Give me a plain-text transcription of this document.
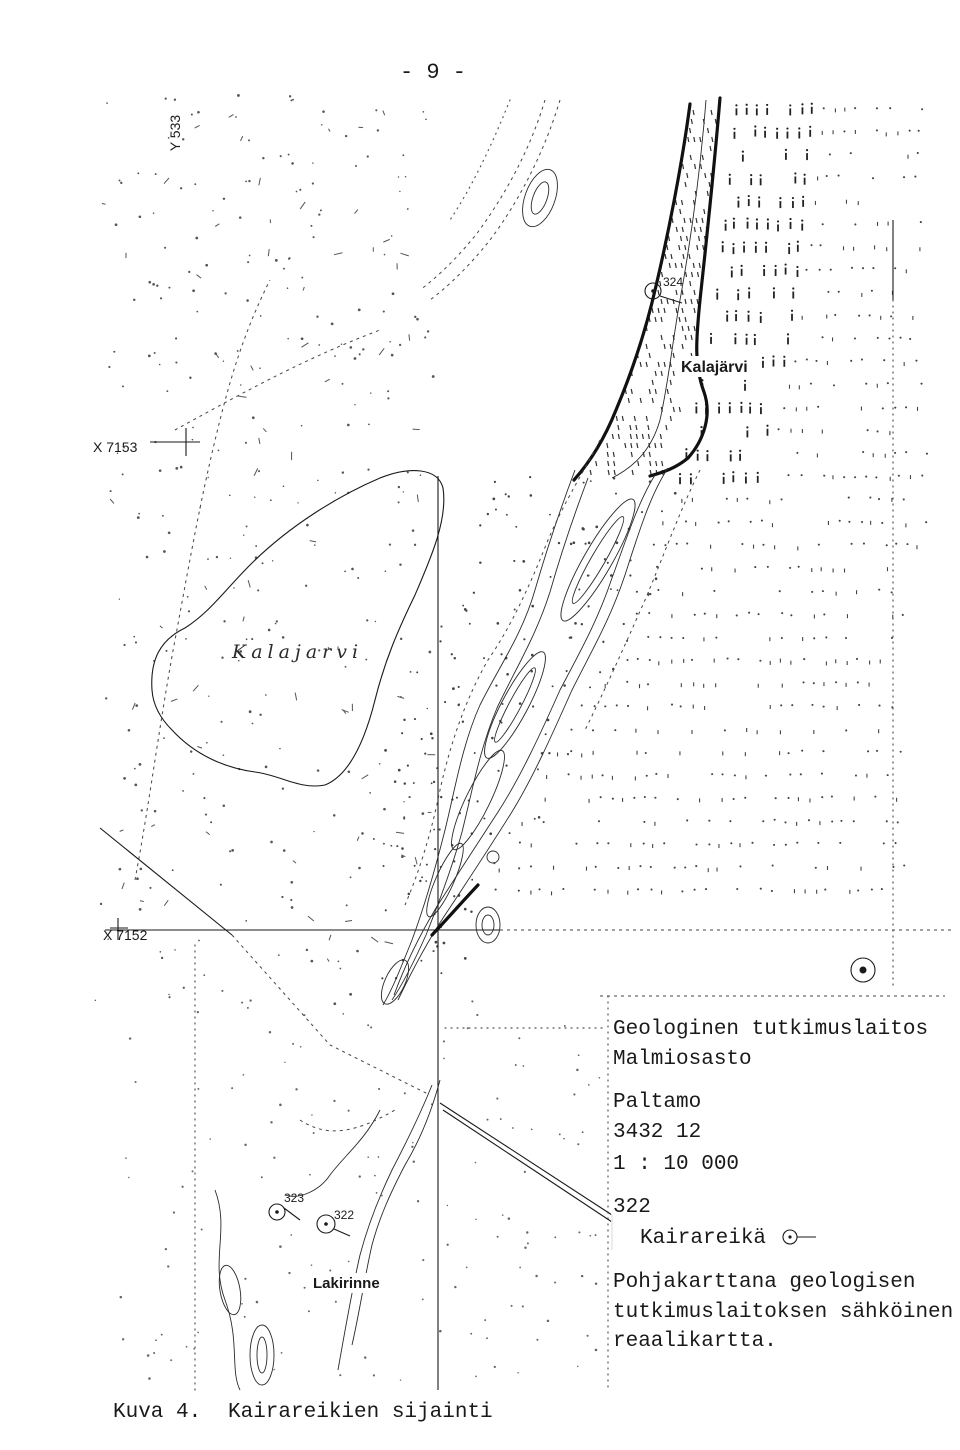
- 9 -
324
323
322
Y 533
X 7153
X 7152
Kalajärvi
Kalajarvi
Lakirinne
Geologinen tutkimuslaitos
Malmiosasto
Paltamo
3432 12
1 : 10 000
322
Kairareikä
Pohjakarttana geologisen
tutkimuslaitoksen sähköinen
reaalikartta.
Kuva 4. Kairareikien sijainti
